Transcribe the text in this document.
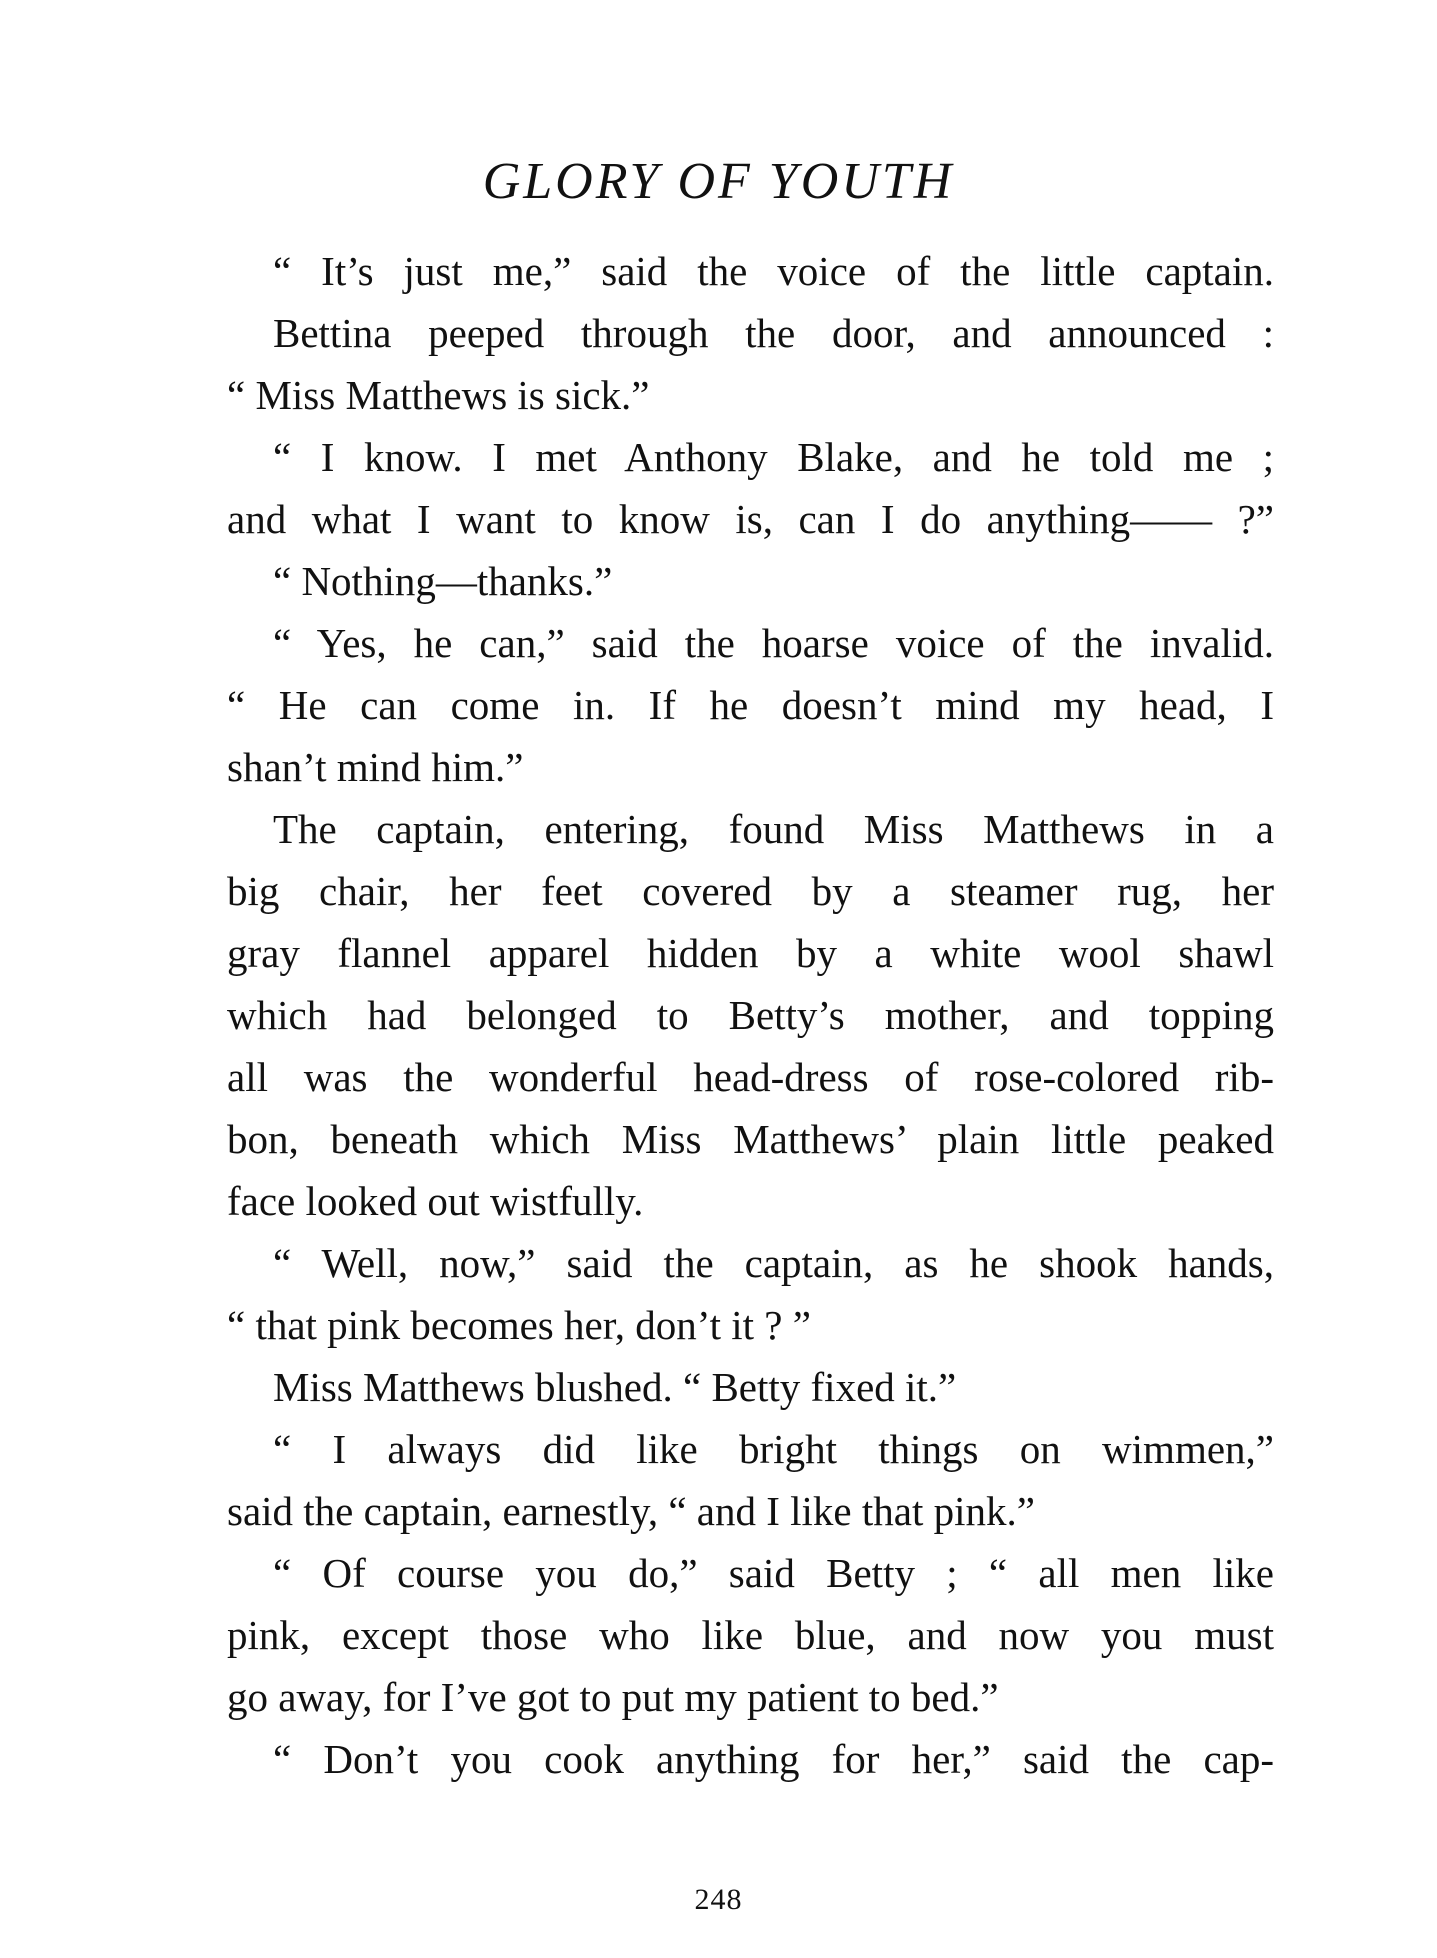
GLORY OF YOUTH
“ It’s just me,” said the voice of the little captain.
Bettina peeped through the door, and announced :
“ Miss Matthews is sick.”
“ I know. I met Anthony Blake, and he told me ;
and what I want to know is, can I do anything—— ?”
“ Nothing—thanks.”
“ Yes, he can,” said the hoarse voice of the invalid.
“ He can come in. If he doesn’t mind my head, I
shan’t mind him.”
The captain, entering, found Miss Matthews in a
big chair, her feet covered by a steamer rug, her
gray flannel apparel hidden by a white wool shawl
which had belonged to Betty’s mother, and topping
all was the wonderful head-dress of rose-colored rib-
bon, beneath which Miss Matthews’ plain little peaked
face looked out wistfully.
“ Well, now,” said the captain, as he shook hands,
“ that pink becomes her, don’t it ? ”
Miss Matthews blushed. “ Betty fixed it.”
“ I always did like bright things on wimmen,”
said the captain, earnestly, “ and I like that pink.”
“ Of course you do,” said Betty ; “ all men like
pink, except those who like blue, and now you must
go away, for I’ve got to put my patient to bed.”
“ Don’t you cook anything for her,” said the cap-
248
